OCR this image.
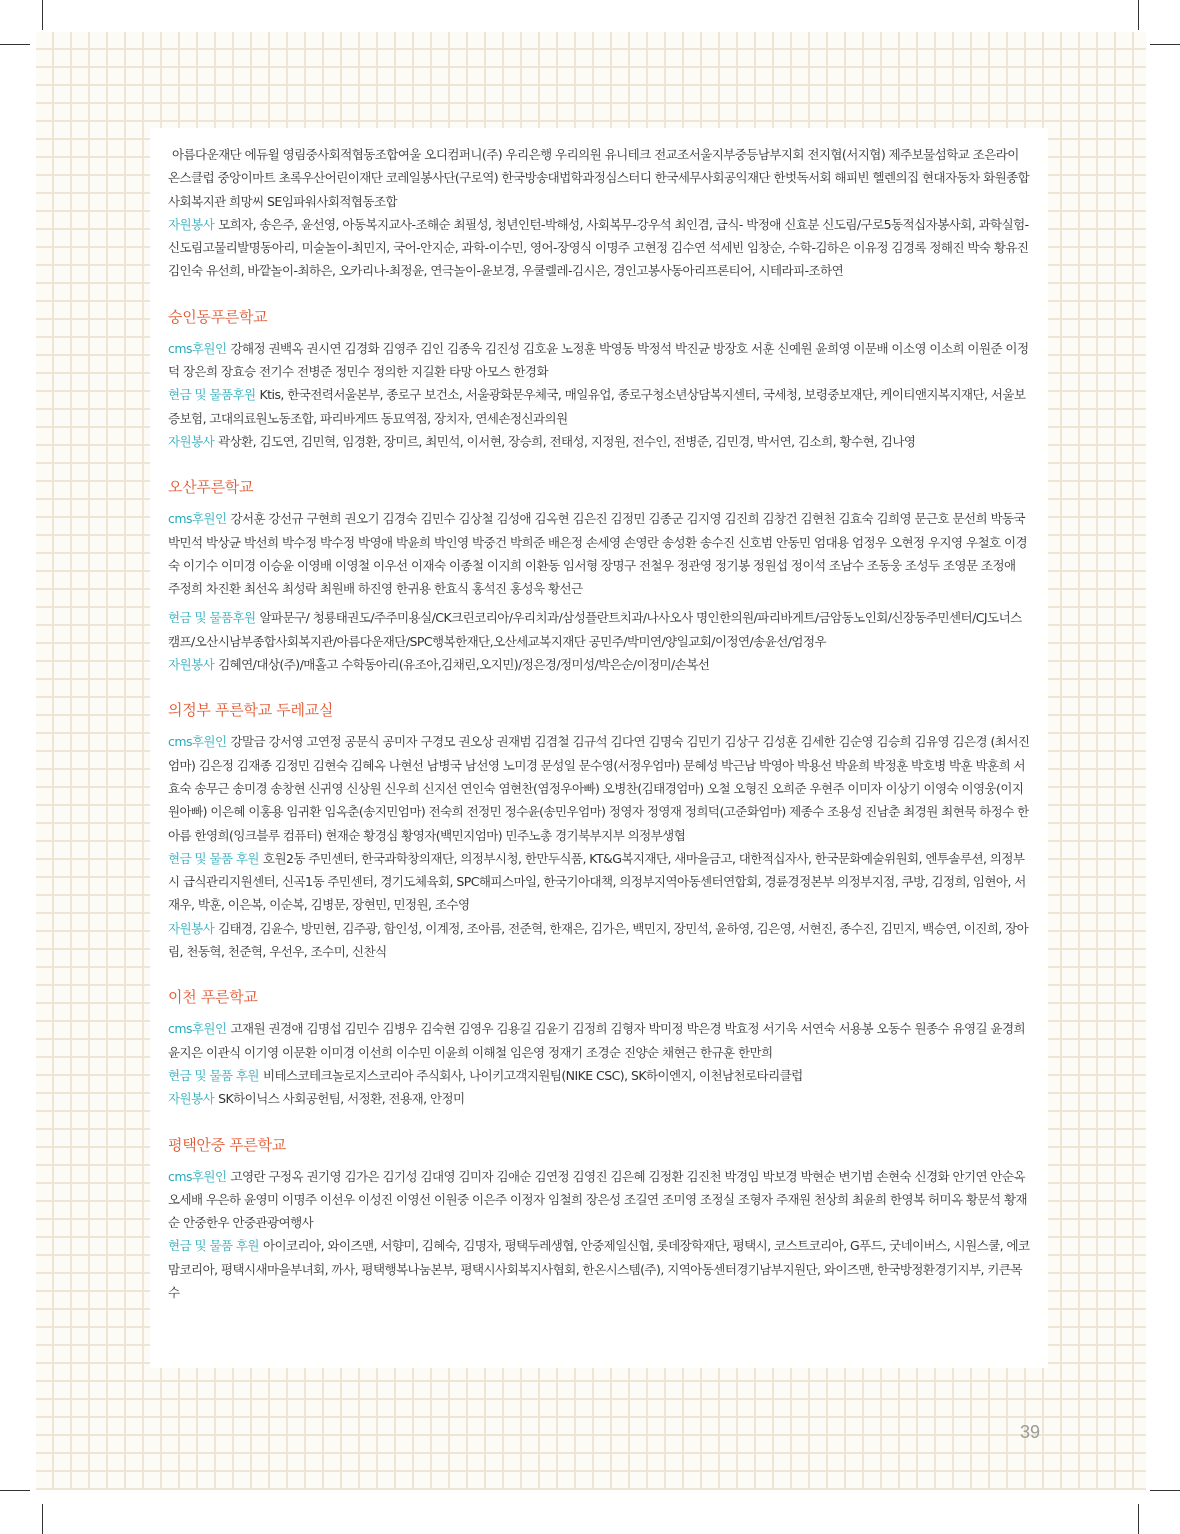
아름다운재단 에듀윌 영림중사회적협동조합여울 오디컴퍼니(주) 우리은행 우리의원 유니테크 전교조서울지부중등남부지회 전지협(서지협) 제주보물섬학교 조은라이온스클럽 중앙이마트 초록우산어린이재단 코레일봉사단(구로역) 한국방송대법학과정심스터디 한국세무사회공익재단 한벗독서회 해피빈 헬렌의집 현대자동차 화원종합사회복지관 희망씨 SE임파워사회적협동조합

자원봉사 모희자, 송은주, 윤선영, 아동복지교사-조해순 최필성, 청년인턴-박해성, 사회복무-강우석 최인겸, 급식- 박정애 신효분 신도림/구로5동적십자봉사회, 과학실험-신도림고물리발명동아리, 미술놀이-최민지, 국어-안지순, 과학-이수민, 영어-장영식 이명주 고현정 김수연 석세빈 임창순, 수학-김하은 이유정 김경록 정해진 박숙 황유진 김인숙 유선희, 바깥놀이-최하은, 오카리나-최정윤, 연극놀이-윤보경, 우쿨렐레-김시은, 경인고봉사동아리프론티어, 시테라피-조하연

숭인동푸른학교

cms후원인 강해정 권백옥 권시연 김경화 김영주 김인 김종욱 김진성 김호윤 노정훈 박영동 박정석 박진균 방장호 서훈 신예원 윤희영 이문배 이소영 이소희 이원준 이정덕 장은희 장효승 전기수 전병준 정민수 정의한 지길환 타망 아모스 한경화

현금 및 물품후원 Ktis, 한국전력서울본부, 종로구 보건소, 서울광화문우체국, 매일유업, 종로구청소년상담복지센터, 국세청, 보령중보재단, 케이티앤지복지재단, 서울보증보험, 고대의료원노동조합, 파리바게뜨 동묘역점, 장치자, 연세손정신과의원

자원봉사 곽상환, 김도연, 김민혁, 임경환, 장미르, 최민석, 이서현, 장승희, 전태성, 지정원, 전수인, 전병준, 김민경, 박서연, 김소희, 황수현, 김나영

오산푸른학교

cms후원인 강서훈 강선규 구현희 권오기 김경숙 김민수 김상철 김성애 김옥현 김은진 김정민 김종군 김지영 김진희 김창건 김현천 김효숙 김희영 문근호 문선희 박동국 박민석 박상균 박선희 박수정 박수정 박영애 박윤희 박인영 박중건 박희준 배은정 손세영 손영란 송성환 송수진 신호범 안동민 엄대용 엄정우 오현정 우지영 우철호 이경숙 이기수 이미경 이승윤 이영배 이영철 이우선 이재숙 이종철 이지희 이환동 임서형 장명구 전철우 정관영 정기봉 정원섭 정이석 조남수 조동웅 조성두 조영문 조정애 주정희 차진환 최선옥 최성락 최원배 하진영 한귀용 한효식 홍석진 홍성욱 황선근

현금 및 물품후원 알파문구/ 청룡태권도/주주미용실/CK크린코리아/우리치과/삼성플란트치과/나사오사 명인한의원/파리바게트/금암동노인회/신장동주민센터/CJ도너스캠프/오산시남부종합사회복지관/아름다운재단/SPC행복한재단,오산세교복지재단 공민주/박미연/양일교회/이정연/송윤선/엄정우

자원봉사 김혜연/대상(주)/매홀고 수학동아리(유조아,김채린,오지민)/정은경/정미성/박은순/이정미/손복선

의정부 푸른학교 두레교실

cms후원인 강말금 강서영 고연정 공문식 공미자 구경모 권오상 권재범 김겸철 김규석 김다연 김명숙 김민기 김상구 김성훈 김세한 김순영 김승희 김유영 김은경 (최서진엄마) 김은정 김재종 김정민 김현숙 김혜옥 나현선 남병국 남선영 노미경 문성일 문수영(서정우엄마) 문혜성 박근남 박영아 박용선 박윤희 박정훈 박호병 박훈 박훈희 서효숙 송무근 송미경 송창현 신귀영 신상원 신우희 신지선 연인숙 염현찬(염정우아빠) 오병찬(김태경엄마) 오철 오형진 오희준 우현주 이미자 이상기 이영숙 이영웅(이지원아빠) 이은혜 이홍용 임귀환 임옥춘(송지민엄마) 전숙희 전정민 정수윤(송민우엄마) 정영자 정영재 정희덕(고준화엄마) 제종수 조용성 진남춘 최경원 최현묵 하정수 한아름 한영희(잉크블루 컴퓨터) 현재순 황경심 황영자(백민지엄마) 민주노총 경기북부지부 의정부생협

현금 및 물품 후원 호원2동 주민센터, 한국과학창의재단, 의정부시청, 한만두식품, KT&G복지재단, 새마을금고, 대한적십자사, 한국문화예술위원회, 엔투솔루션, 의정부시 급식관리지원센터, 신곡1동 주민센터, 경기도체육회, SPC해피스마일, 한국기아대책, 의정부지역아동센터연합회, 경륜경정본부 의정부지점, 쿠방, 김정희, 임현아, 서재우, 박훈, 이은복, 이순복, 김병문, 장현민, 민정원, 조수영

자원봉사 김태경, 김윤수, 방민현, 김주광, 함인성, 이계정, 조아름, 전준혁, 한재은, 김가은, 백민지, 장민석, 윤하영, 김은영, 서현진, 종수진, 김민지, 백승연, 이진희, 장아림, 천동혁, 천준혁, 우선우, 조수미, 신찬식

이천 푸른학교

cms후원인 고재원 권경애 김명섭 김민수 김병우 김숙현 김영우 김용길 김윤기 김정희 김형자 박미정 박은경 박효정 서기욱 서연숙 서용봉 오동수 원종수 유영길 윤경희 윤지은 이관식 이기영 이문환 이미경 이선희 이수민 이윤희 이해철 임은영 정재기 조경순 진양순 채현근 한규훈 한만희

현금 및 물품 후원 비테스코테크놀로지스코리아 주식회사, 나이키고객지원팀(NIKE CSC), SK하이엔지, 이천남천로타리클럽

자원봉사 SK하이닉스 사회공헌팀, 서정환, 전용재, 안정미

평택안중 푸른학교

cms후원인 고영란 구정옥 권기영 김가은 김기성 김대영 김미자 김애순 김연정 김영진 김은혜 김정환 김진천 박경임 박보경 박현순 변기범 손현숙 신경화 안기연 안순옥 오세배 우은하 윤영미 이명주 이선우 이성진 이영선 이원중 이은주 이정자 임철희 장은성 조길연 조미영 조정실 조형자 주재원 천상희 최윤희 한영복 허미옥 황문석 황재순 안중한우 안중관광여행사

현금 및 물품 후원 아이코리아, 와이즈맨, 서향미, 김혜숙, 김명자, 평택두레생협, 안중제일신협, 롯데장학재단, 평택시, 코스트코리아, G푸드, 굿네이버스, 시원스쿨, 에코맘코리아, 평택시새마을부녀회, 까사, 평택행복나눔본부, 평택시사회복지사협회, 한온시스템(주), 지역아동센터경기남부지원단, 와이즈맨, 한국방정환경기지부, 키큰목수

39
